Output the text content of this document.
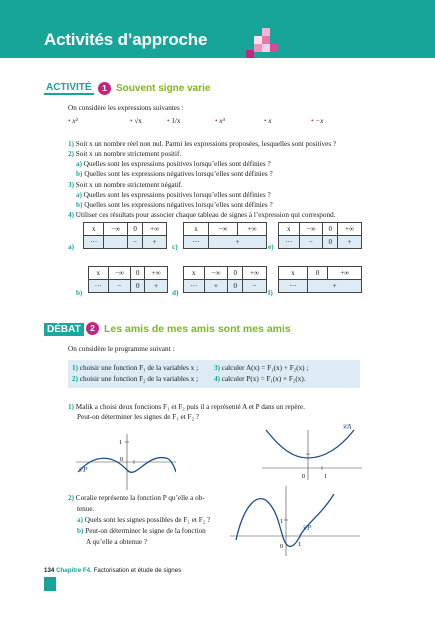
Activités d’approche
ACTIVITÉ	1 Souvent signe varie
On considère les expressions suivantes :
• x²	• √x	• 1/x	• x³	• x	• −x
1) Soit x un nombre réel non nul. Parmi les expressions proposées, lesquelles sont positives ?
2) Soit x un nombre strictement positif.
a) Quelles sont les expressions positives lorsqu’elles sont définies ?
b) Quelles sont les expressions négatives lorsqu’elles sont définies ?
3) Soit x un nombre strictement négatif.
a) Quelles sont les expressions positives lorsqu’elles sont définies ?
b) Quelles sont les expressions négatives lorsqu’elles sont définies ?
4) Utiliser ces résultats pour associer chaque tableau de signes à l’expression qui correspond.
a)
x	−∞	0	+∞
···		−	+
c)
x	−∞	+∞
···	+	
e)
x	−∞	0	+∞
···	−	0	+
b)
x	−∞	0	+∞
···	−	0	+
d)
x	−∞	0	+∞
···	+	0	−
f)
x	0	+∞
···	+	
DÉBAT	2 Les amis de mes amis sont mes amis
On considère le programme suivant :
1) choisir une fonction F₁ de la variables x ;
2) choisir une fonction F₂ de la variables x ;
3) calculer A(x) = F₁(x) + F₂(x) ;
4) calculer P(x) = F₁(x) × F₂(x).
1) Malik a choisi deux fonctions F₁ et F₂ puis il a représenté A et P dans un repère.
Peut-on déterminer les signes de F₁ et F₂ ?
1
0
𝒞P
0	1
𝒞A
2) Coralie représente la fonction P qu’elle a ob-
tenue.
a) Quels sont les signes possibles de F₁ et F₂ ?
b) Peut-on déterminer le signe de la fonction
A qu’elle a obtenue ?
1
0	1
𝒞P
134 Chapitre F4. Factorisation et étude de signes
